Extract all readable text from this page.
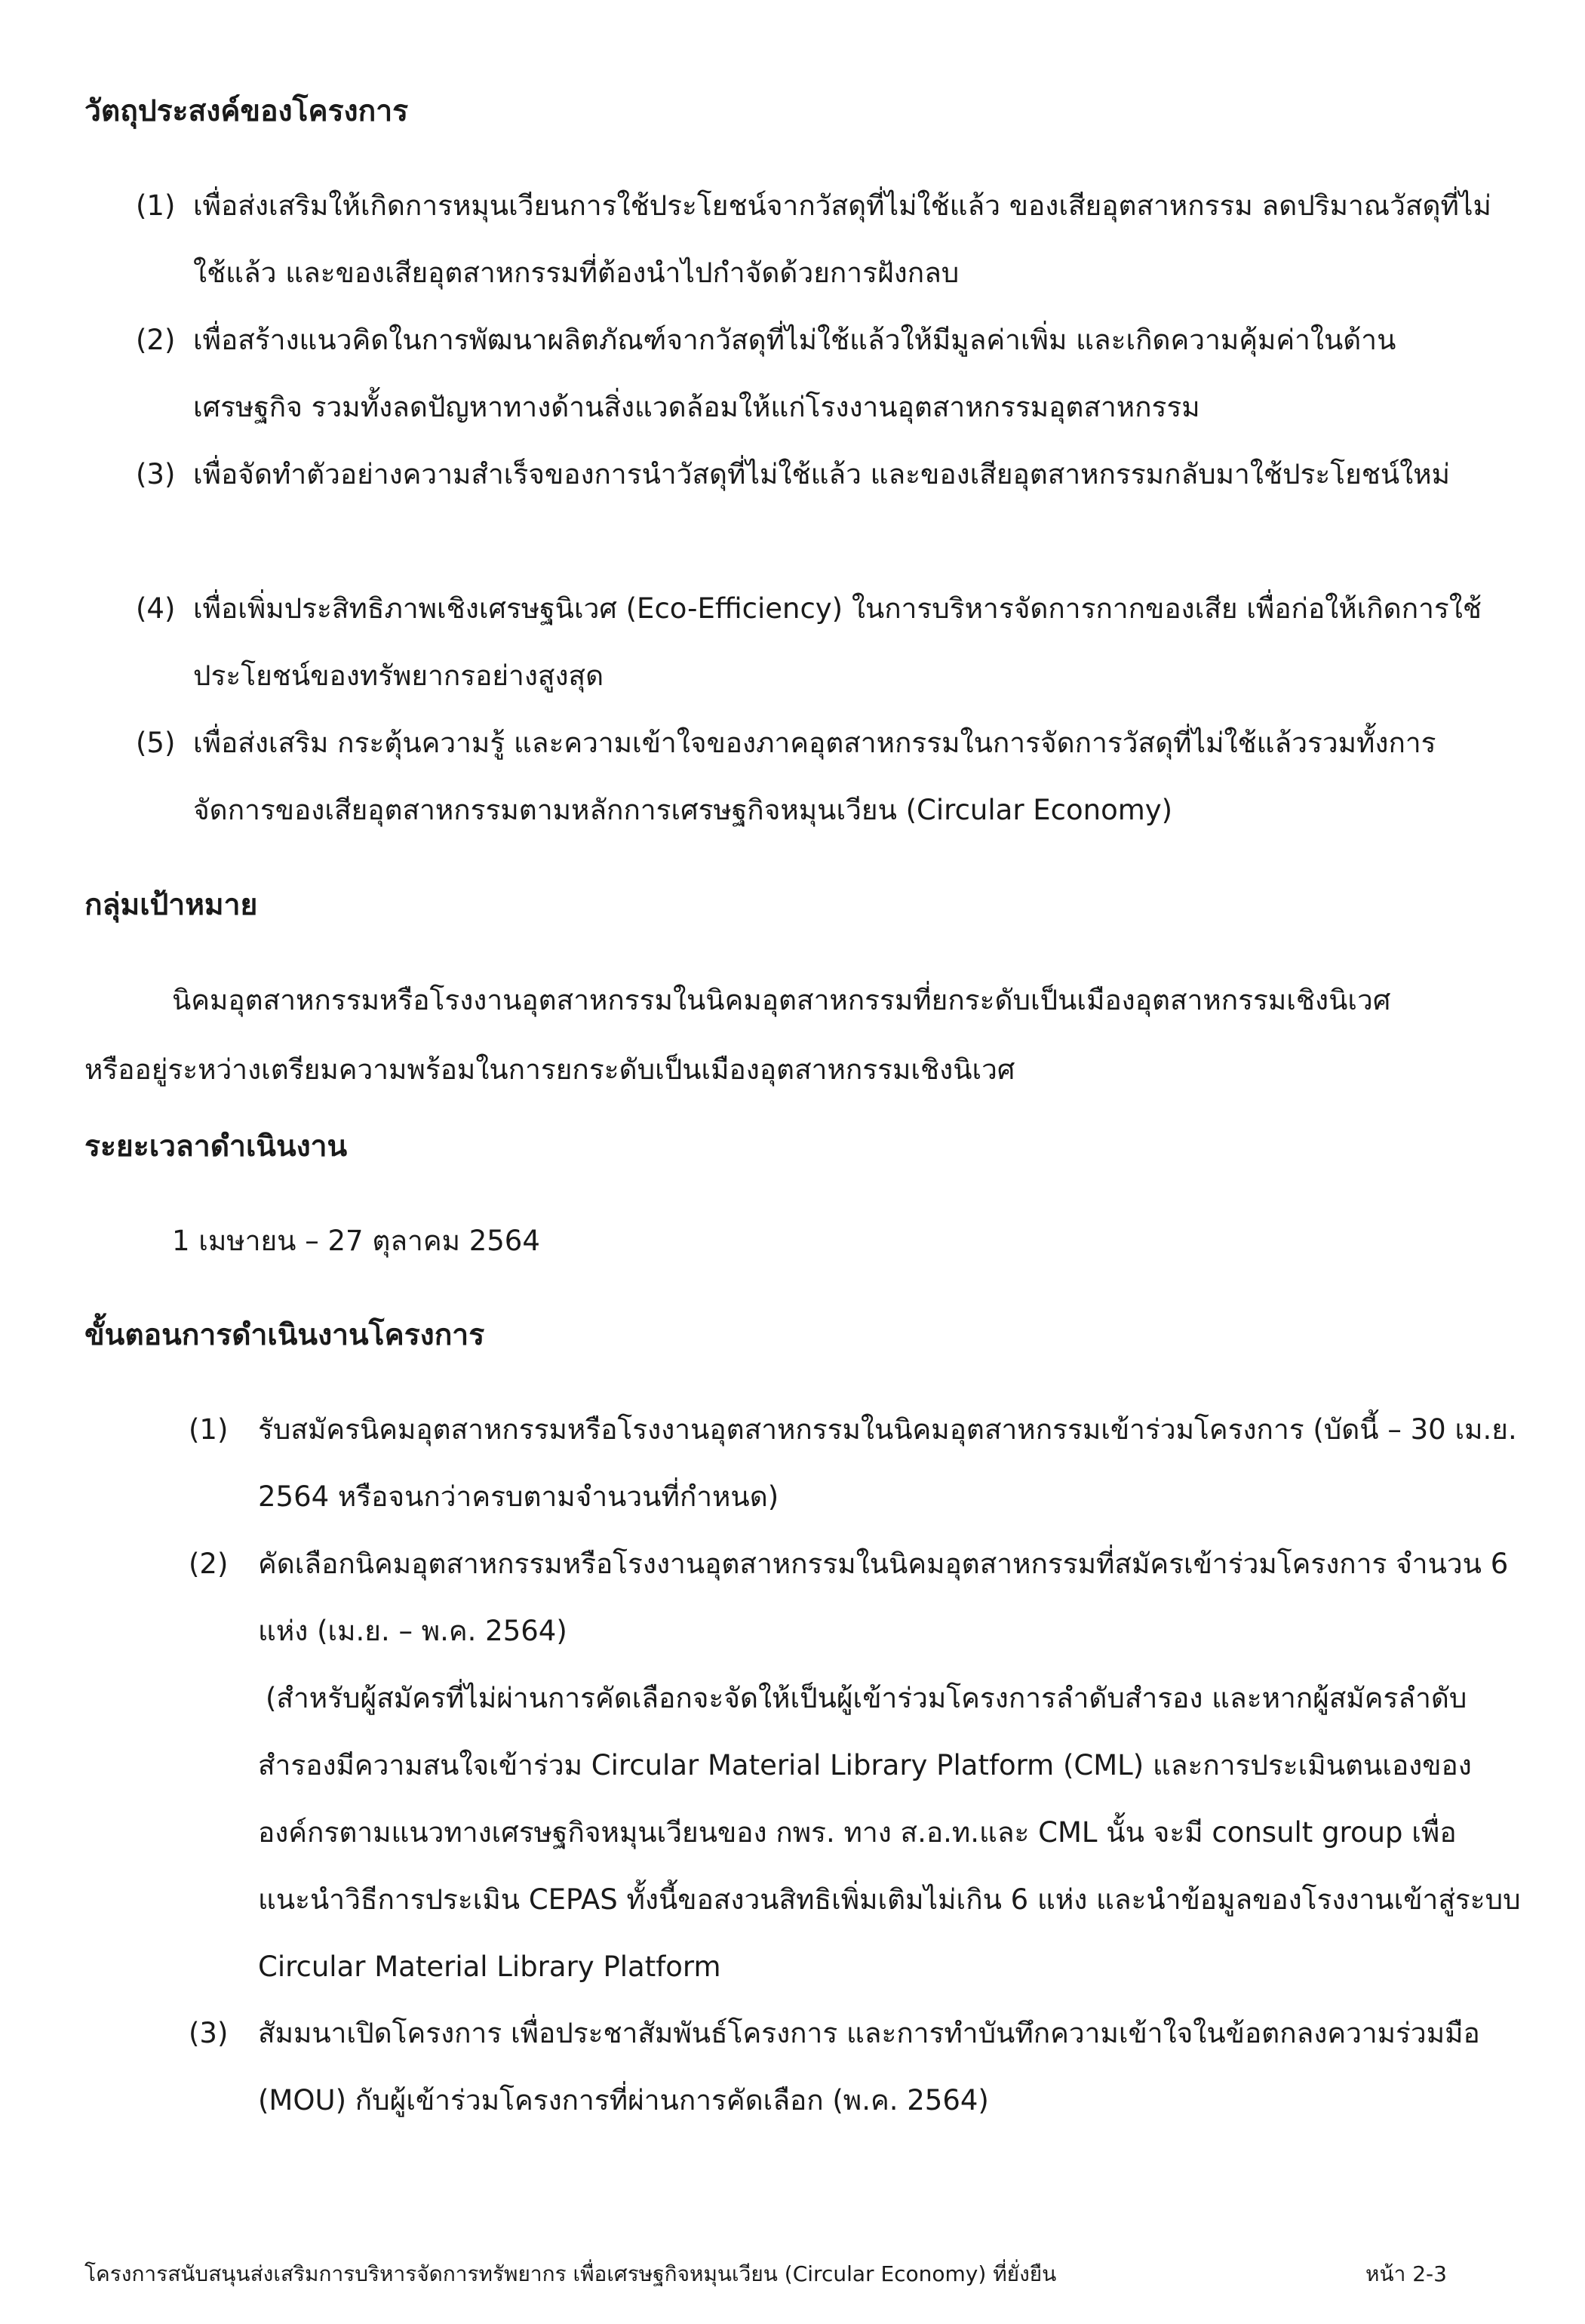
วัตถุประสงค์ของโครงการ
(1) เพื่อส่งเสริมให้เกิดการหมุนเวียนการใช้ประโยชน์จากวัสดุที่ไม่ใช้แล้ว ของเสียอุตสาหกรรม ลดปริมาณวัสดุที่ไม่ใช้แล้ว และของเสียอุตสาหกรรมที่ต้องนำไปกำจัดด้วยการฝังกลบ
(2) เพื่อสร้างแนวคิดในการพัฒนาผลิตภัณฑ์จากวัสดุที่ไม่ใช้แล้วให้มีมูลค่าเพิ่ม และเกิดความคุ้มค่าในด้านเศรษฐกิจ รวมทั้งลดปัญหาทางด้านสิ่งแวดล้อมให้แก่โรงงานอุตสาหกรรมอุตสาหกรรม
(3) เพื่อจัดทำตัวอย่างความสำเร็จของการนำวัสดุที่ไม่ใช้แล้ว และของเสียอุตสาหกรรมกลับมาใช้ประโยชน์ใหม่
(4) เพื่อเพิ่มประสิทธิภาพเชิงเศรษฐนิเวศ (Eco-Efficiency) ในการบริหารจัดการกากของเสีย เพื่อก่อให้เกิดการใช้ประโยชน์ของทรัพยากรอย่างสูงสุด
(5) เพื่อส่งเสริม กระตุ้นความรู้ และความเข้าใจของภาคอุตสาหกรรมในการจัดการวัสดุที่ไม่ใช้แล้วรวมทั้งการจัดการของเสียอุตสาหกรรมตามหลักการเศรษฐกิจหมุนเวียน (Circular Economy)
กลุ่มเป้าหมาย
นิคมอุตสาหกรรมหรือโรงงานอุตสาหกรรมในนิคมอุตสาหกรรมที่ยกระดับเป็นเมืองอุตสาหกรรมเชิงนิเวศ หรืออยู่ระหว่างเตรียมความพร้อมในการยกระดับเป็นเมืองอุตสาหกรรมเชิงนิเวศ
ระยะเวลาดำเนินงาน
1 เมษายน – 27 ตุลาคม 2564
ขั้นตอนการดำเนินงานโครงการ
(1) รับสมัครนิคมอุตสาหกรรมหรือโรงงานอุตสาหกรรมในนิคมอุตสาหกรรมเข้าร่วมโครงการ (บัดนี้ – 30 เม.ย. 2564 หรือจนกว่าครบตามจำนวนที่กำหนด)
(2) คัดเลือกนิคมอุตสาหกรรมหรือโรงงานอุตสาหกรรมในนิคมอุตสาหกรรมที่สมัครเข้าร่วมโครงการ จำนวน 6 แห่ง (เม.ย. – พ.ค. 2564)
(สำหรับผู้สมัครที่ไม่ผ่านการคัดเลือกจะจัดให้เป็นผู้เข้าร่วมโครงการลำดับสำรอง และหากผู้สมัครลำดับสำรองมีความสนใจเข้าร่วม Circular Material Library Platform (CML) และการประเมินตนเองขององค์กรตามแนวทางเศรษฐกิจหมุนเวียนของ กพร. ทาง ส.อ.ท.และ CML นั้น จะมี consult group เพื่อแนะนำวิธีการประเมิน CEPAS ทั้งนี้ขอสงวนสิทธิเพิ่มเติมไม่เกิน 6 แห่ง และนำข้อมูลของโรงงานเข้าสู่ระบบ Circular Material Library Platform
(3) สัมมนาเปิดโครงการ เพื่อประชาสัมพันธ์โครงการ และการทำบันทึกความเข้าใจในข้อตกลงความร่วมมือ (MOU) กับผู้เข้าร่วมโครงการที่ผ่านการคัดเลือก (พ.ค. 2564)
โครงการสนับสนุนส่งเสริมการบริหารจัดการทรัพยากร เพื่อเศรษฐกิจหมุนเวียน (Circular Economy) ที่ยั่งยืน	หน้า 2-3
